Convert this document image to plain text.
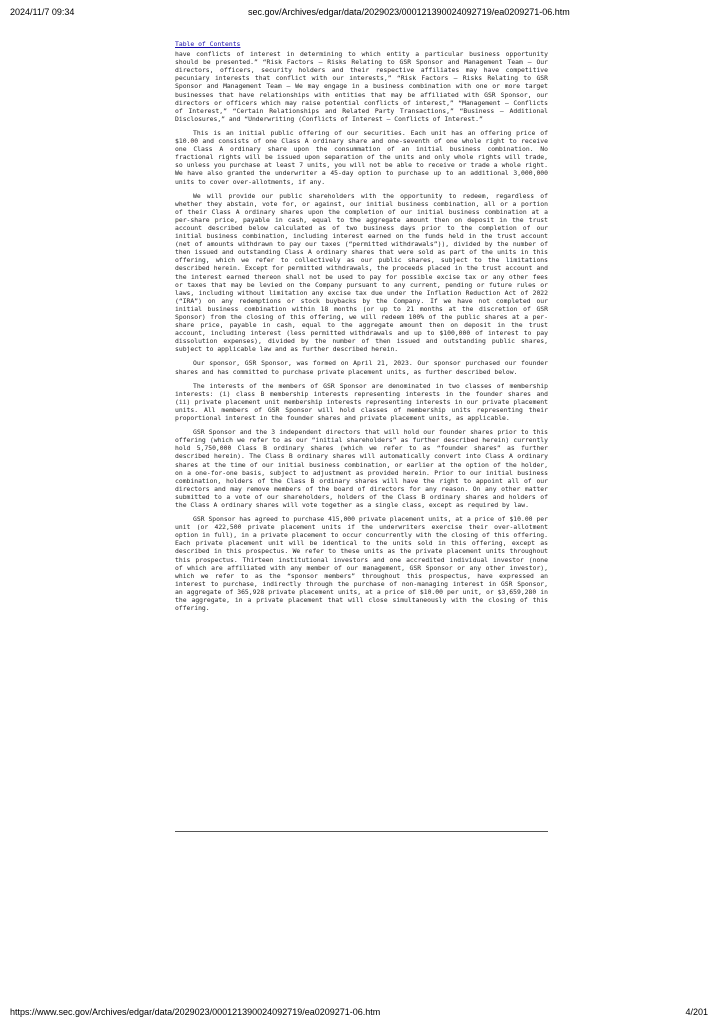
2024/11/7 09:34	sec.gov/Archives/edgar/data/2029023/000121390024092719/ea0209271-06.htm
Table of Contents

have conflicts of interest in determining to which entity a particular business opportunity should be presented.” “Risk Factors — Risks Relating to GSR Sponsor and Management Team — Our directors, officers, security holders and their respective affiliates may have competitive pecuniary interests that conflict with our interests,” “Risk Factors — Risks Relating to GSR Sponsor and Management Team — We may engage in a business combination with one or more target businesses that have relationships with entities that may be affiliated with GSR Sponsor, our directors or officers which may raise potential conflicts of interest,” “Management — Conflicts of Interest,” “Certain Relationships and Related Party Transactions,” “Business — Additional Disclosures,” and “Underwriting (Conflicts of Interest — Conflicts of Interest.”

This is an initial public offering of our securities. Each unit has an offering price of $10.00 and consists of one Class A ordinary share and one-seventh of one whole right to receive one Class A ordinary share upon the consummation of an initial business combination. No fractional rights will be issued upon separation of the units and only whole rights will trade, so unless you purchase at least 7 units, you will not be able to receive or trade a whole right. We have also granted the underwriter a 45-day option to purchase up to an additional 3,000,000 units to cover over-allotments, if any.

We will provide our public shareholders with the opportunity to redeem, regardless of whether they abstain, vote for, or against, our initial business combination, all or a portion of their Class A ordinary shares upon the completion of our initial business combination at a per-share price, payable in cash, equal to the aggregate amount then on deposit in the trust account described below calculated as of two business days prior to the completion of our initial business combination, including interest earned on the funds held in the trust account (net of amounts withdrawn to pay our taxes (“permitted withdrawals”)), divided by the number of then issued and outstanding Class A ordinary shares that were sold as part of the units in this offering, which we refer to collectively as our public shares, subject to the limitations described herein. Except for permitted withdrawals, the proceeds placed in the trust account and the interest earned thereon shall not be used to pay for possible excise tax or any other fees or taxes that may be levied on the Company pursuant to any current, pending or future rules or laws, including without limitation any excise tax due under the Inflation Reduction Act of 2022 (“IRA”) on any redemptions or stock buybacks by the Company. If we have not completed our initial business combination within 18 months (or up to 21 months at the discretion of GSR Sponsor) from the closing of this offering, we will redeem 100% of the public shares at a per-share price, payable in cash, equal to the aggregate amount then on deposit in the trust account, including interest (less permitted withdrawals and up to $100,000 of interest to pay dissolution expenses), divided by the number of then issued and outstanding public shares, subject to applicable law and as further described herein.

Our sponsor, GSR Sponsor, was formed on April 21, 2023. Our sponsor purchased our founder shares and has committed to purchase private placement units, as further described below.

The interests of the members of GSR Sponsor are denominated in two classes of membership interests: (i) class B membership interests representing interests in the founder shares and (ii) private placement unit membership interests representing interests in our private placement units. All members of GSR Sponsor will hold classes of membership units representing their proportional interest in the founder shares and private placement units, as applicable.

GSR Sponsor and the 3 independent directors that will hold our founder shares prior to this offering (which we refer to as our “initial shareholders” as further described herein) currently hold 5,750,000 Class B ordinary shares (which we refer to as “founder shares” as further described herein). The Class B ordinary shares will automatically convert into Class A ordinary shares at the time of our initial business combination, or earlier at the option of the holder, on a one-for-one basis, subject to adjustment as provided herein. Prior to our initial business combination, holders of the Class B ordinary shares will have the right to appoint all of our directors and may remove members of the board of directors for any reason. On any other matter submitted to a vote of our shareholders, holders of the Class B ordinary shares and holders of the Class A ordinary shares will vote together as a single class, except as required by law.

GSR Sponsor has agreed to purchase 415,000 private placement units, at a price of $10.00 per unit (or 422,500 private placement units if the underwriters exercise their over-allotment option in full), in a private placement to occur concurrently with the closing of this offering. Each private placement unit will be identical to the units sold in this offering, except as described in this prospectus. We refer to these units as the private placement units throughout this prospectus. Thirteen institutional investors and one accredited individual investor (none of which are affiliated with any member of our management, GSR Sponsor or any other investor), which we refer to as the “sponsor members” throughout this prospectus, have expressed an interest to purchase, indirectly through the purchase of non-managing interest in GSR Sponsor, an aggregate of 365,928 private placement units, at a price of $10.00 per unit, or $3,659,280 in the aggregate, in a private placement that will close simultaneously with the closing of this offering.

https://www.sec.gov/Archives/edgar/data/2029023/000121390024092719/ea0209271-06.htm	4/201
